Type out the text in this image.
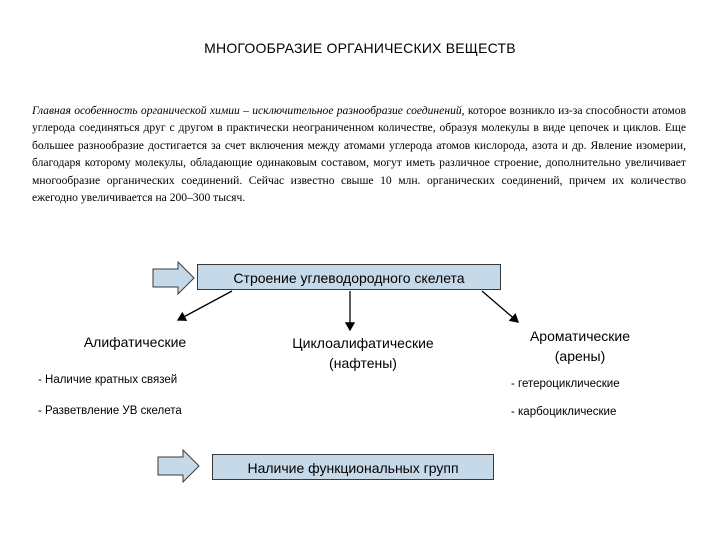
МНОГООБРАЗИЕ ОРГАНИЧЕСКИХ ВЕЩЕСТВ
Главная особенность органической химии – исключительное разнообразие соединений, которое возникло из-за способности атомов углерода соединяться друг с другом в практически неограниченном количестве, образуя молекулы в виде цепочек и циклов. Еще большее разнообразие достигается за счет включения между атомами углерода атомов кислорода, азота и др. Явление изомерии, благодаря которому молекулы, обладающие одинаковым составом, могут иметь различное строение, дополнительно увеличивает многообразие органических соединений. Сейчас известно свыше 10 млн. органических соединений, причем их количество ежегодно увеличивается на 200–300 тысяч.
Строение углеводородного скелета
Алифатические	Циклоалифатические
(нафтены)
Ароматические
(арены)
- Наличие кратных связей
- Разветвление УВ скелета
- гетероциклические
- карбоциклические
Наличие функциональных групп
